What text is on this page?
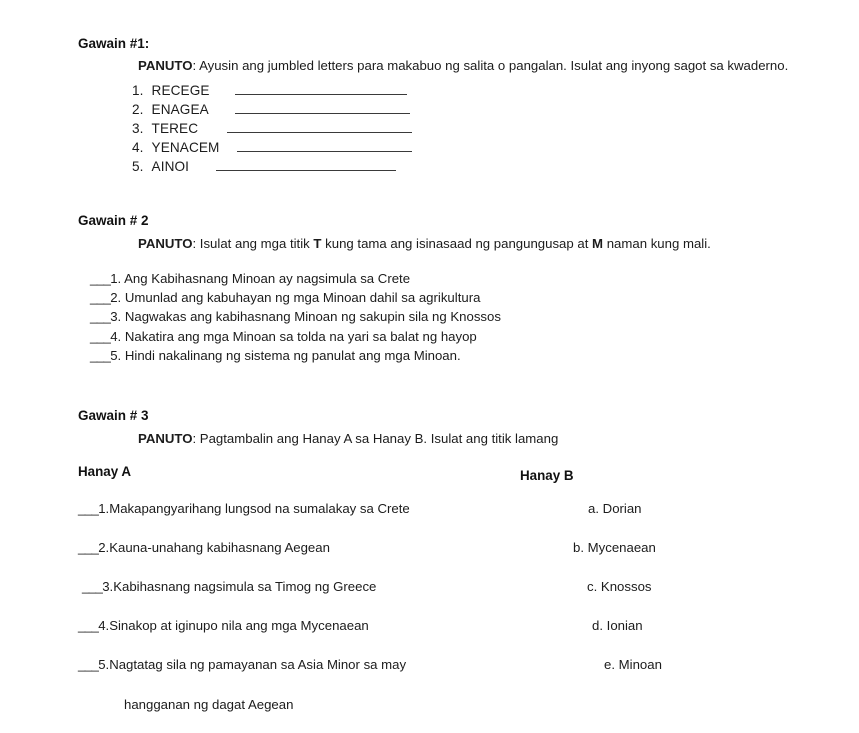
Gawain #1:
PANUTO: Ayusin ang jumbled letters para makabuo ng salita o pangalan. Isulat ang inyong sagot sa kwaderno.
1.
RECEGE
2.
ENAGEA
3.
TEREC
4.
YENACEM
5.
AINOI
Gawain # 2
PANUTO: Isulat ang mga titik T kung tama ang isinasaad ng pangungusap at M naman kung mali.
___1. Ang Kabihasnang Minoan ay nagsimula sa Crete
___2. Umunlad ang kabuhayan ng mga Minoan dahil sa agrikultura
___3. Nagwakas ang kabihasnang Minoan ng sakupin sila ng Knossos
___4. Nakatira ang mga Minoan sa tolda na yari sa balat ng hayop
___5. Hindi nakalinang ng sistema ng panulat ang mga Minoan.
Gawain # 3
PANUTO: Pagtambalin ang Hanay A sa Hanay B. Isulat ang titik lamang
Hanay A	Hanay B
___1.Makapangyarihang lungsod na sumalakay sa Crete	a. Dorian
___2.Kauna-unahang kabihasnang Aegean	b. Mycenaean
___3.Kabihasnang nagsimula sa Timog ng Greece	c. Knossos
___4.Sinakop at iginupo nila ang mga Mycenaean	d. Ionian
___5.Nagtatag sila ng pamayanan sa Asia Minor sa may	e. Minoan
hangganan ng dagat Aegean
